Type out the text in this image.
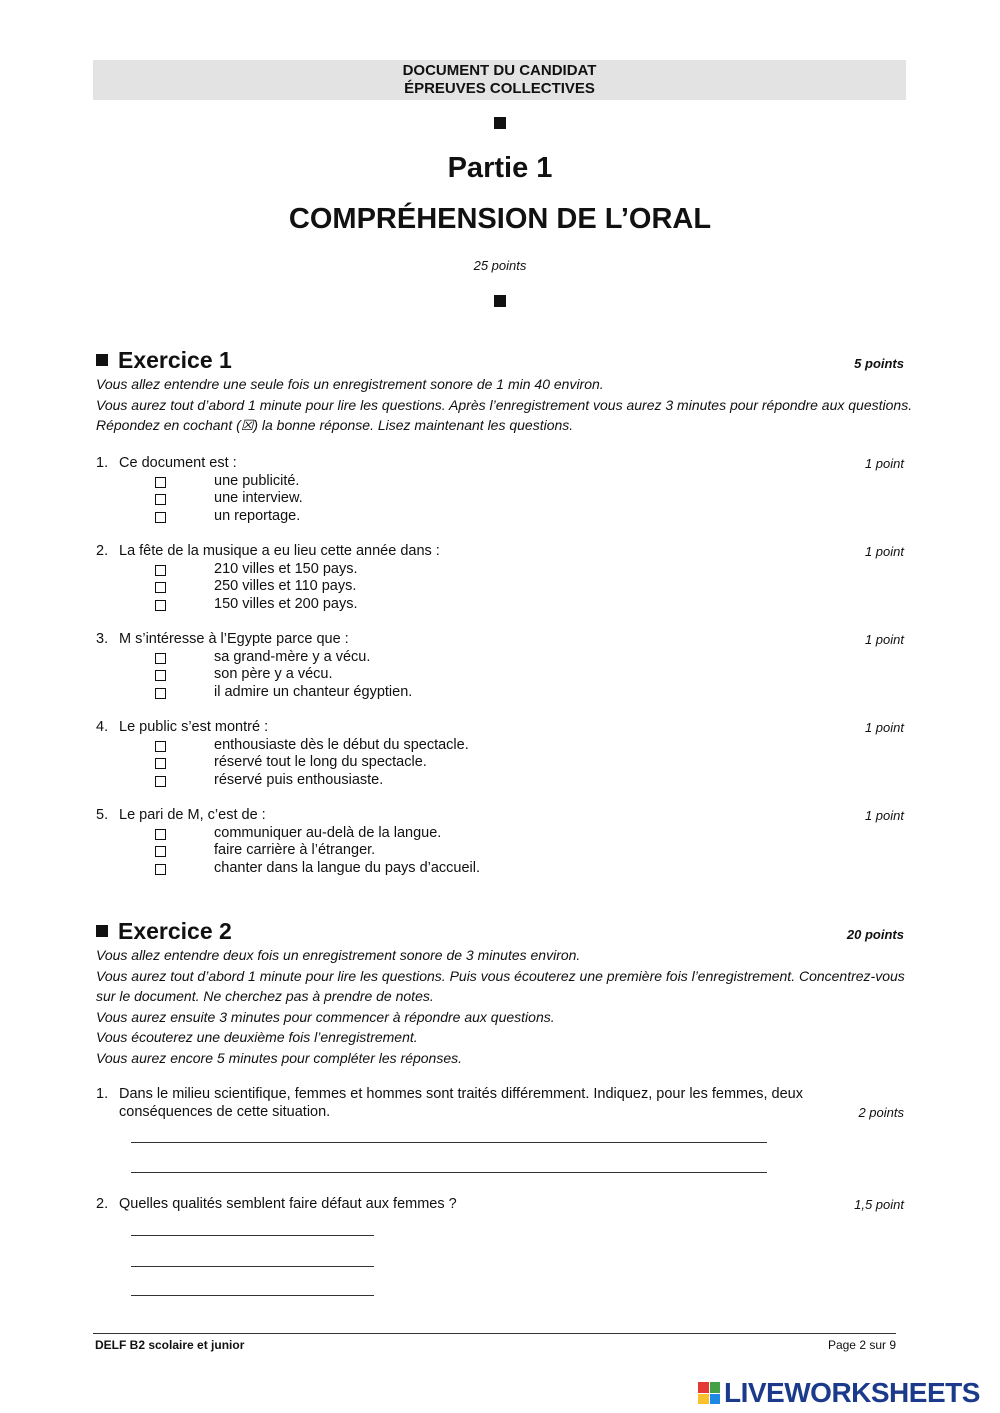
DOCUMENT DU CANDIDAT
ÉPREUVES COLLECTIVES
Partie 1
COMPRÉHENSION DE L’ORAL
25 points
Exercice 1	5 points
Vous allez entendre une seule fois un enregistrement sonore de 1 min 40 environ.
Vous aurez tout d’abord 1 minute pour lire les questions. Après l’enregistrement vous aurez 3 minutes pour répondre aux questions.
Répondez en cochant (☒) la bonne réponse. Lisez maintenant les questions.
1. Ce document est :	1 point
une publicité.
une interview.
un reportage.
2. La fête de la musique a eu lieu cette année dans :	1 point
210 villes et 150 pays.
250 villes et 110 pays.
150 villes et 200 pays.
3. M s’intéresse à l’Egypte parce que :	1 point
sa grand-mère y a vécu.
son père y a vécu.
il admire un chanteur égyptien.
4. Le public s’est montré :	1 point
enthousiaste dès le début du spectacle.
réservé tout le long du spectacle.
réservé puis enthousiaste.
5. Le pari de M, c’est de :	1 point
communiquer au-delà de la langue.
faire carrière à l’étranger.
chanter dans la langue du pays d’accueil.
Exercice 2	20 points
Vous allez entendre deux fois un enregistrement sonore de 3 minutes environ.
Vous aurez tout d’abord 1 minute pour lire les questions. Puis vous écouterez une première fois l’enregistrement. Concentrez-vous
sur le document. Ne cherchez pas à prendre de notes.
Vous aurez ensuite 3 minutes pour commencer à répondre aux questions.
Vous écouterez une deuxième fois l’enregistrement.
Vous aurez encore 5 minutes pour compléter les réponses.
1. Dans le milieu scientifique, femmes et hommes sont traités différemment. Indiquez, pour les femmes, deux
conséquences de cette situation.	2 points
2. Quelles qualités semblent faire défaut aux femmes ?	1,5 point
DELF B2 scolaire et junior	Page 2 sur 9
LIVEWORKSHEETS
